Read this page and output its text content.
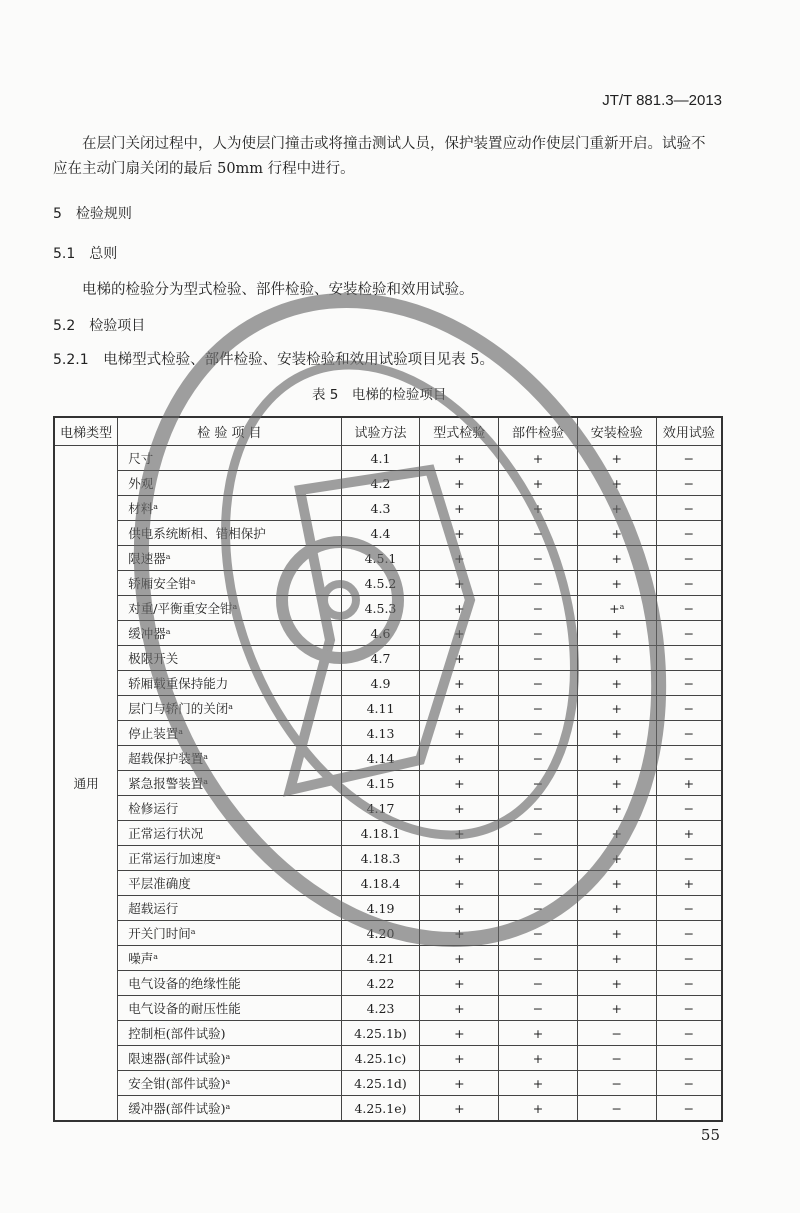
JT/T 881.3—2013
在层门关闭过程中，人为使层门撞击或将撞击测试人员，保护装置应动作使层门重新开启。试验不
应在主动门扇关闭的最后 50mm 行程中进行。
5　 检验规则
5.1　 总则
电梯的检验分为型式检验、部件检验、安装检验和效用试验。
5.2　 检验项目
5.2.1　 电梯型式检验、部件检验、安装检验和效用试验项目见表 5。
表 5　电梯的检验项目
电梯类型	检 验 项 目	试验方法	型式检验	部件检验	安装检验	效用试验
通用	尺寸	4.1	+	+	+	−
	外观	4.2	+	+	+	−
	材料ᵃ	4.3	+	+	+	−
	供电系统断相、错相保护	4.4	+	−	+	−
	限速器ᵃ	4.5.1	+	−	+	−
	轿厢安全钳ᵃ	4.5.2	+	−	+	−
	对重/平衡重安全钳ᵃ	4.5.3	+	−	+ᵃ	−
	缓冲器ᵃ	4.6	+	−	+	−
	极限开关	4.7	+	−	+	−
	轿厢载重保持能力	4.9	+	−	+	−
	层门与轿门的关闭ᵃ	4.11	+	−	+	−
	停止装置ᵃ	4.13	+	−	+	−
	超载保护装置ᵃ	4.14	+	−	+	−
	紧急报警装置ᵃ	4.15	+	−	+	+
	检修运行	4.17	+	−	+	−
	正常运行状况	4.18.1	+	−	+	+
	正常运行加速度ᵃ	4.18.3	+	−	+	−
	平层准确度	4.18.4	+	−	+	+
	超载运行	4.19	+	−	+	−
	开关门时间ᵃ	4.20	+	−	+	−
	噪声ᵃ	4.21	+	−	+	−
	电气设备的绝缘性能	4.22	+	−	+	−
	电气设备的耐压性能	4.23	+	−	+	−
	控制柜(部件试验)	4.25.1b)	+	+	−	−
	限速器(部件试验)ᵃ	4.25.1c)	+	+	−	−
	安全钳(部件试验)ᵃ	4.25.1d)	+	+	−	−
	缓冲器(部件试验)ᵃ	4.25.1e)	+	+	−	−
55
